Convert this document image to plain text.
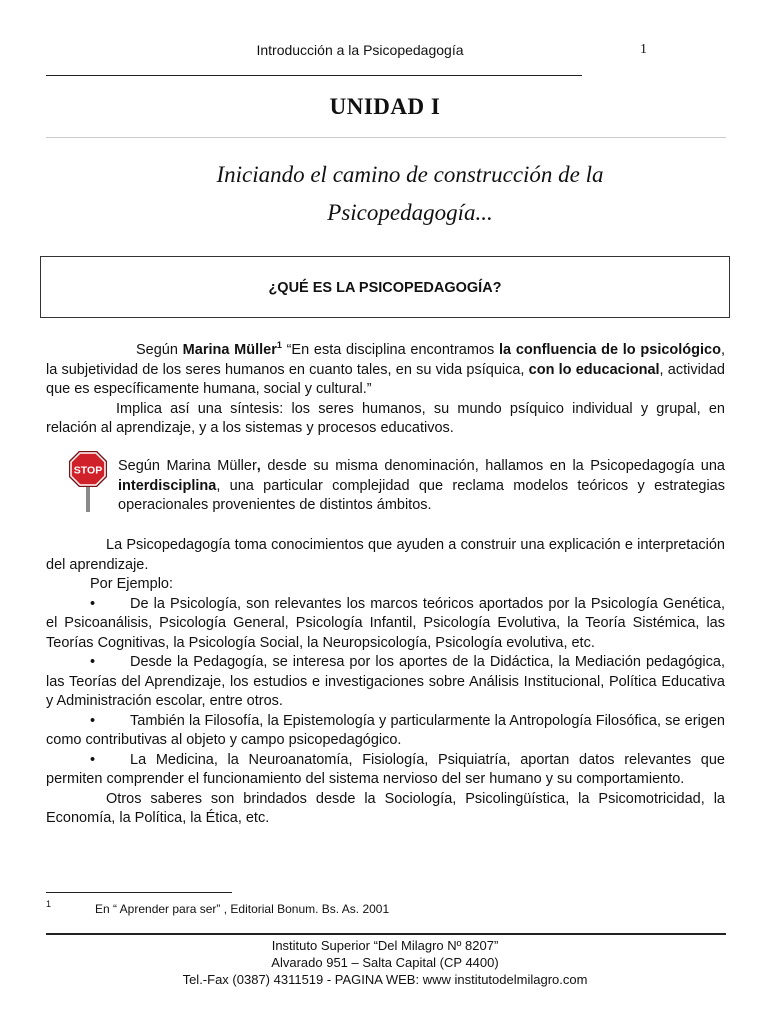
Introducción a la Psicopedagogía	1
UNIDAD I
Iniciando el camino de construcción de la
Psicopedagogía...
¿QUÉ ES LA PSICOPEDAGOGÍA?

Según Marina Müller$^1$ “En esta disciplina encontramos la confluencia de lo psicológico, la subjetividad de los seres humanos en cuanto tales, en su vida psíquica, con lo educacional, actividad que es específicamente humana, social y cultural.”

Implica así una síntesis: los seres humanos, su mundo psíquico individual y grupal, en relación al aprendizaje, y a los sistemas y procesos educativos.

STOP Según Marina Müller, desde su misma denominación, hallamos en la Psicopedagogía una interdisciplina, una particular complejidad que reclama modelos teóricos y estrategias operacionales provenientes de distintos ámbitos.

La Psicopedagogía toma conocimientos que ayuden a construir una explicación e interpretación del aprendizaje.

Por Ejemplo:

• De la Psicología, son relevantes los marcos teóricos aportados por la Psicología Genética, el Psicoanálisis, Psicología General, Psicología Infantil, Psicología Evolutiva, la Teoría Sistémica, las Teorías Cognitivas, la Psicología Social, la Neuropsicología, Psicología evolutiva, etc.

• Desde la Pedagogía, se interesa por los aportes de la Didáctica, la Mediación pedagógica, las Teorías del Aprendizaje, los estudios e investigaciones sobre Análisis Institucional, Política Educativa y Administración escolar, entre otros.

• También la Filosofía, la Epistemología y particularmente la Antropología Filosófica, se erigen como contributivas al objeto y campo psicopedagógico.

• La Medicina, la Neuroanatomía, Fisiología, Psiquiatría, aportan datos relevantes que permiten comprender el funcionamiento del sistema nervioso del ser humano y su comportamiento.

Otros saberes son brindados desde la Sociología, Psicolingüística, la Psicomotricidad, la Economía, la Política, la Ética, etc.

1	En “ Aprender para ser” , Editorial Bonum. Bs. As. 2001
Instituto Superior “Del Milagro Nº 8207”
Alvarado 951 – Salta Capital (CP 4400)
Tel.-Fax (0387) 4311519 - PAGINA WEB: www institutodelmilagro.com
